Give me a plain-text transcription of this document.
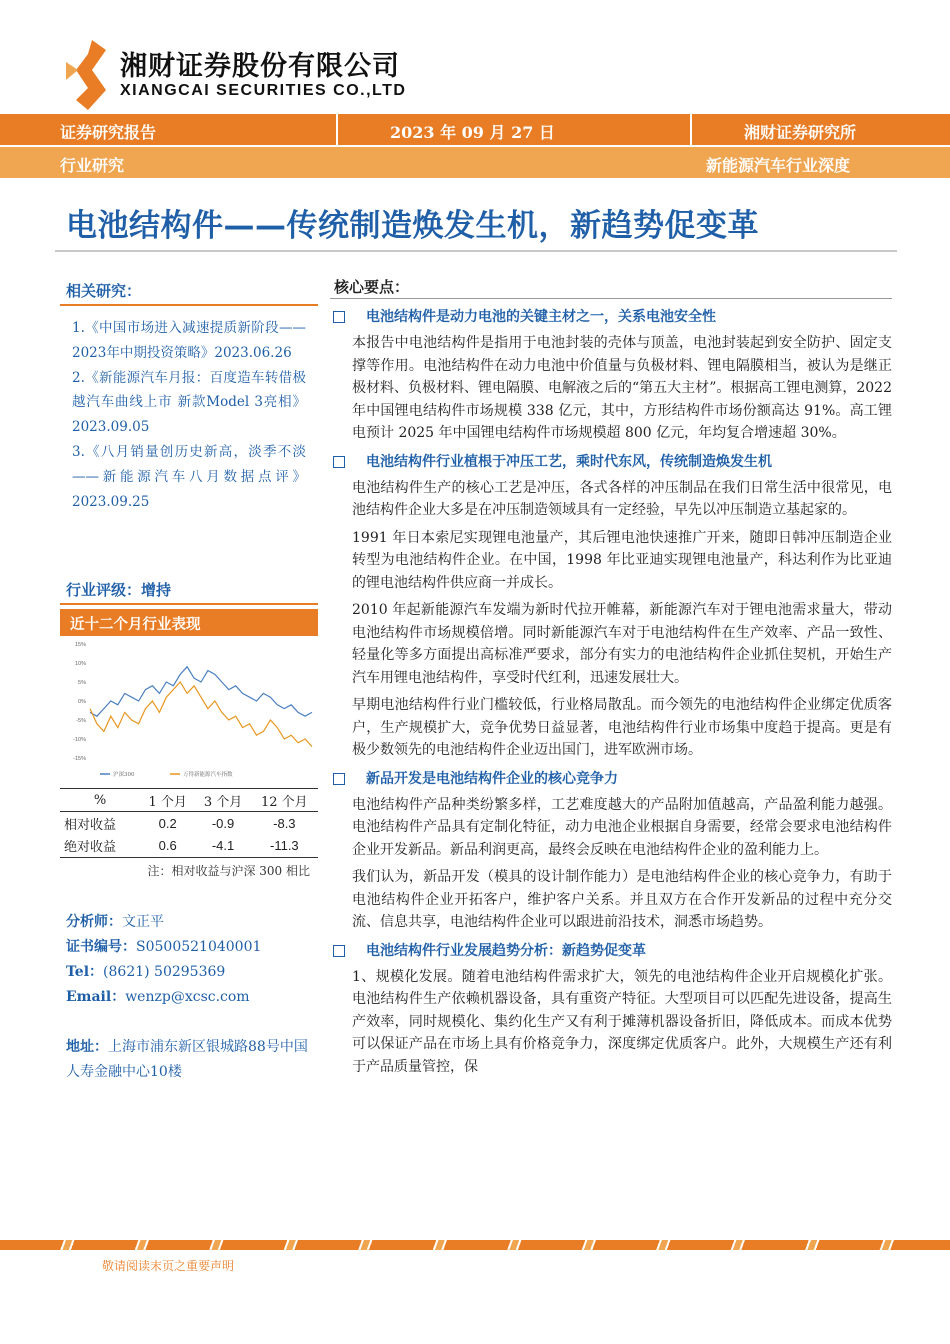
湘财证券股份有限公司
XIANGCAI SECURITIES CO.,LTD
证券研究报告	2023 年 09 月 27 日	湘财证券研究所
行业研究	新能源汽车行业深度
电池结构件——传统制造焕发生机，新趋势促变革
相关研究：
1.《中国市场进入减速提质新阶段——2023年中期投资策略》2023.06.26
2.《新能源汽车月报：百度造车转借极越汽车曲线上市 新款Model 3亮相》2023.09.05
3.《八月销量创历史新高，淡季不淡——新能源汽车八月数据点评》2023.09.25
行业评级：增持
近十二个月行业表现
15%
10%
5%
0%
-5%
-10%
-15%
沪深300	万得新能源汽车指数
%	1 个月	3 个月	12 个月
相对收益	0.2	-0.9	-8.3
绝对收益	0.6	-4.1	-11.3
注：相对收益与沪深 300 相比
分析师：文正平
证书编号：S0500521040001
Tel：(8621) 50295369
Email：wenzp@xcsc.com
地址：上海市浦东新区银城路88号中国人寿金融中心10楼
核心要点：
电池结构件是动力电池的关键主材之一，关系电池安全性
本报告中电池结构件是指用于电池封装的壳体与顶盖，电池封装起到安全防护、固定支撑等作用。电池结构件在动力电池中价值量与负极材料、锂电隔膜相当，被认为是继正极材料、负极材料、锂电隔膜、电解液之后的“第五大主材”。根据高工锂电测算，2022 年中国锂电结构件市场规模 338 亿元，其中，方形结构件市场份额高达 91%。高工锂电预计 2025 年中国锂电结构件市场规模超 800 亿元，年均复合增速超 30%。
电池结构件行业植根于冲压工艺，乘时代东风，传统制造焕发生机
电池结构件生产的核心工艺是冲压，各式各样的冲压制品在我们日常生活中很常见，电池结构件企业大多是在冲压制造领域具有一定经验，早先以冲压制造立基起家的。
1991 年日本索尼实现锂电池量产，其后锂电池快速推广开来，随即日韩冲压制造企业转型为电池结构件企业。在中国，1998 年比亚迪实现锂电池量产，科达利作为比亚迪的锂电池结构件供应商一并成长。
2010 年起新能源汽车发端为新时代拉开帷幕，新能源汽车对于锂电池需求量大，带动电池结构件市场规模倍增。同时新能源汽车对于电池结构件在生产效率、产品一致性、轻量化等多方面提出高标准严要求，部分有实力的电池结构件企业抓住契机，开始生产汽车用锂电池结构件，享受时代红利，迅速发展壮大。
早期电池结构件行业门槛较低，行业格局散乱。而今领先的电池结构件企业绑定优质客户，生产规模扩大，竞争优势日益显著，电池结构件行业市场集中度趋于提高。更是有极少数领先的电池结构件企业迈出国门，进军欧洲市场。
新品开发是电池结构件企业的核心竞争力
电池结构件产品种类纷繁多样，工艺难度越大的产品附加值越高，产品盈利能力越强。电池结构件产品具有定制化特征，动力电池企业根据自身需要，经常会要求电池结构件企业开发新品。新品利润更高，最终会反映在电池结构件企业的盈利能力上。
我们认为，新品开发（模具的设计制作能力）是电池结构件企业的核心竞争力，有助于电池结构件企业开拓客户，维护客户关系。并且双方在合作开发新品的过程中充分交流、信息共享，电池结构件企业可以跟进前沿技术，洞悉市场趋势。
电池结构件行业发展趋势分析：新趋势促变革
1、规模化发展。随着电池结构件需求扩大，领先的电池结构件企业开启规模化扩张。电池结构件生产依赖机器设备，具有重资产特征。大型项目可以匹配先进设备，提高生产效率，同时规模化、集约化生产又有利于摊薄机器设备折旧，降低成本。而成本优势可以保证产品在市场上具有价格竞争力，深度绑定优质客户。此外，大规模生产还有利于产品质量管控，保
敬请阅读末页之重要声明
